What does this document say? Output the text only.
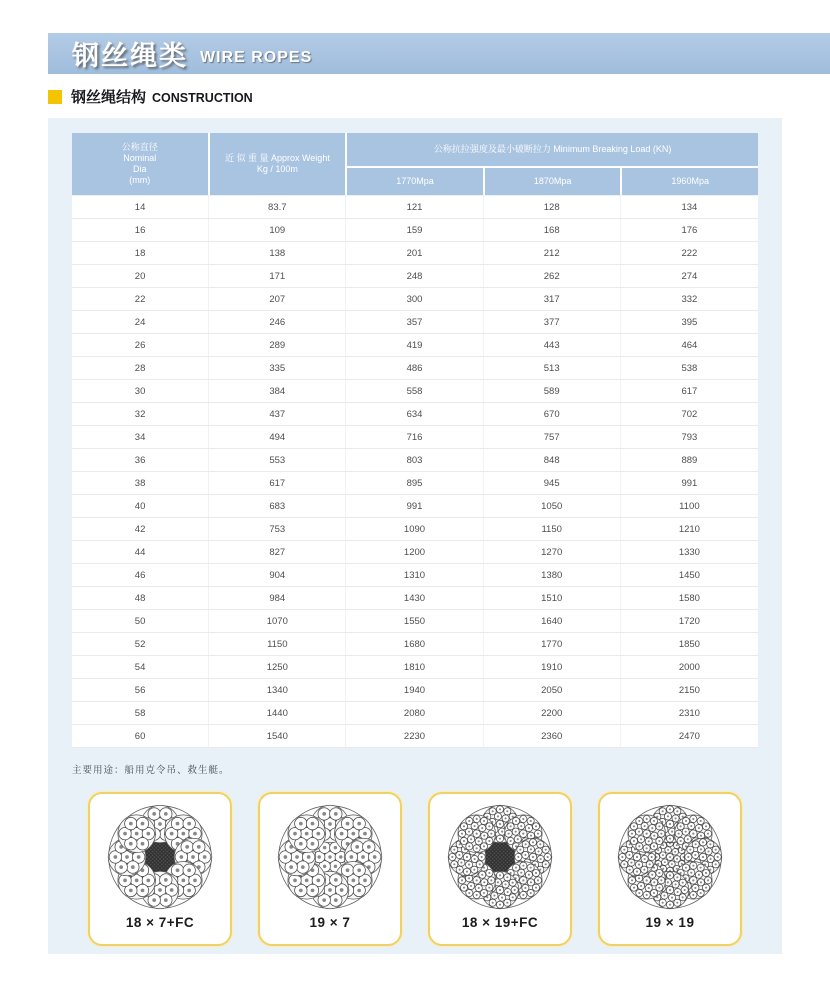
钢丝绳类 WIRE ROPES
钢丝绳结构 CONSTRUCTION
公称直径
Nominal
Dia
(mm)
近 似 重 量 Approx Weight
Kg / 100m
公称抗拉强度及最小破断拉力 Minimum Breaking Load (KN)
1770Mpa	1870Mpa	1960Mpa
14	83.7	121	128	134
16	109	159	168	176
18	138	201	212	222
20	171	248	262	274
22	207	300	317	332
24	246	357	377	395
26	289	419	443	464
28	335	486	513	538
30	384	558	589	617
32	437	634	670	702
34	494	716	757	793
36	553	803	848	889
38	617	895	945	991
40	683	991	1050	1100
42	753	1090	1150	1210
44	827	1200	1270	1330
46	904	1310	1380	1450
48	984	1430	1510	1580
50	1070	1550	1640	1720
52	1150	1680	1770	1850
54	1250	1810	1910	2000
56	1340	1940	2050	2150
58	1440	2080	2200	2310
60	1540	2230	2360	2470
主要用途：船用克令吊、救生艇。
18 × 7+FC	19 × 7	18 × 19+FC	19 × 19
